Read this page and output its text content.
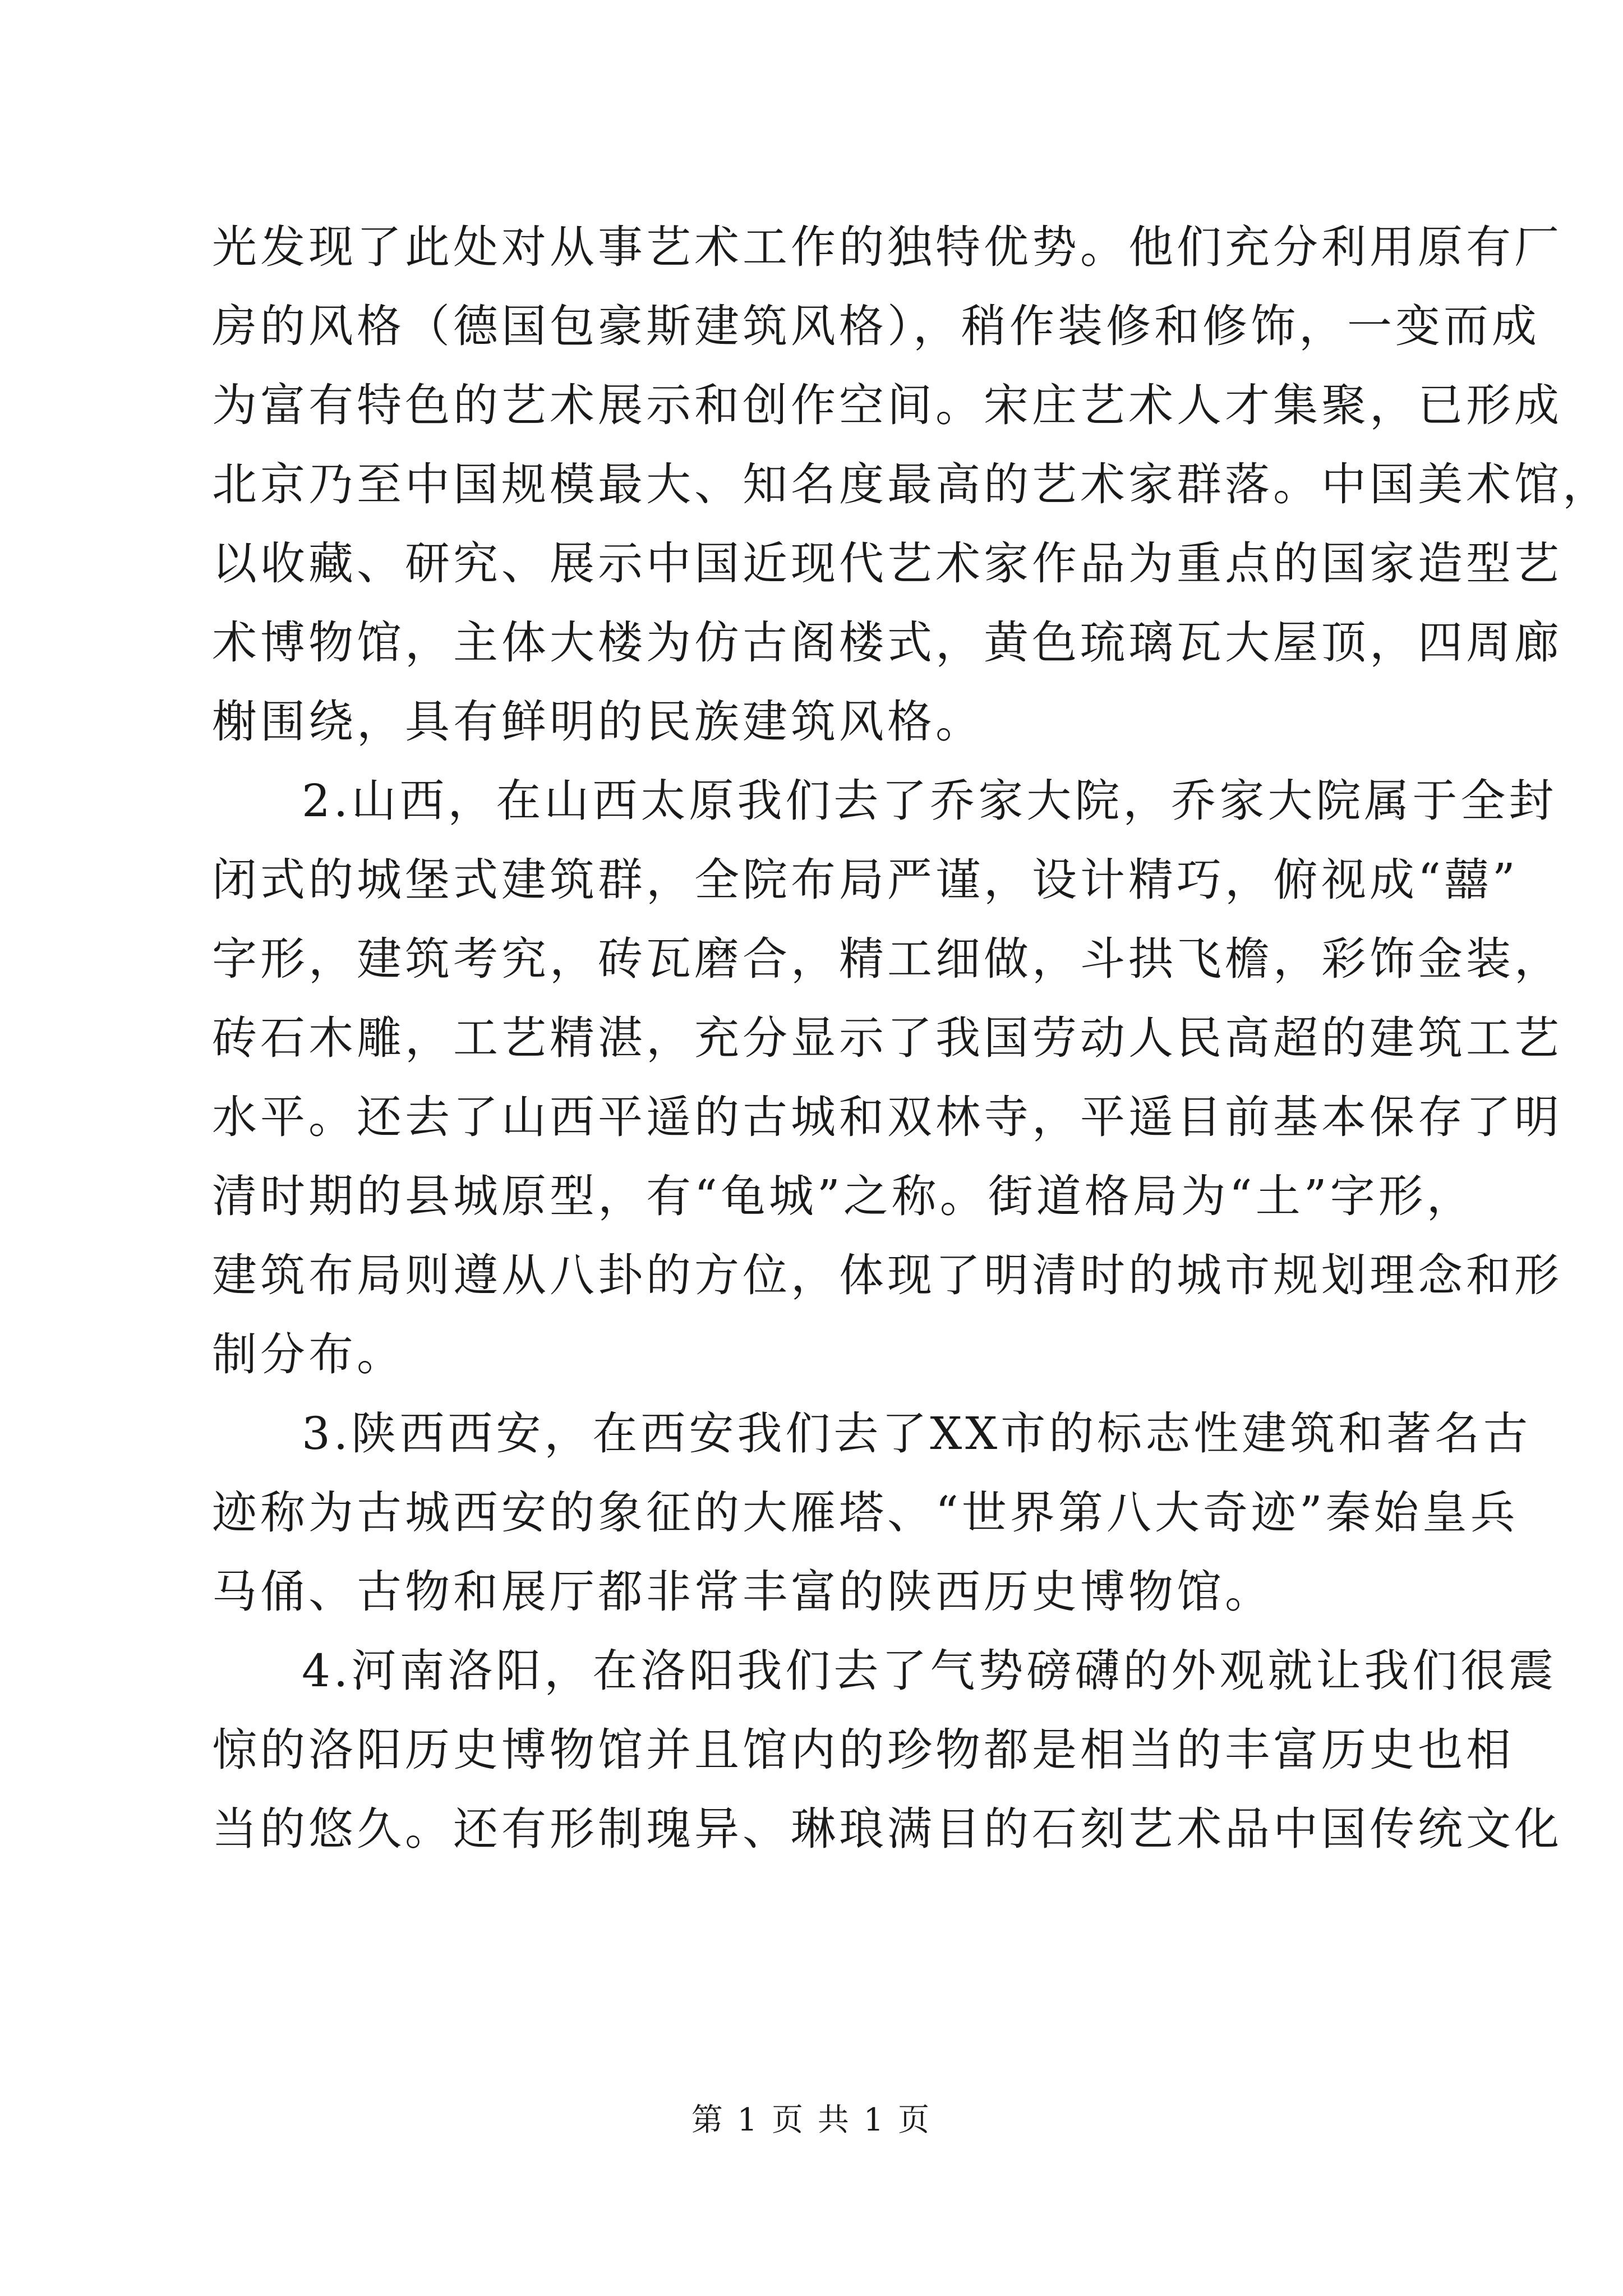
光发现了此处对从事艺术工作的独特优势。他们充分利用原有厂
房的风格（德国包豪斯建筑风格），稍作装修和修饰，一变而成
为富有特色的艺术展示和创作空间。宋庄艺术人才集聚，已形成
北京乃至中国规模最大、知名度最高的艺术家群落。中国美术馆，
以收藏、研究、展示中国近现代艺术家作品为重点的国家造型艺
术博物馆，主体大楼为仿古阁楼式，黄色琉璃瓦大屋顶，四周廊
榭围绕，具有鲜明的民族建筑风格。
2.山西，在山西太原我们去了乔家大院，乔家大院属于全封
闭式的城堡式建筑群，全院布局严谨，设计精巧，俯视成“囍”
字形，建筑考究，砖瓦磨合，精工细做，斗拱飞檐，彩饰金装，
砖石木雕，工艺精湛，充分显示了我国劳动人民高超的建筑工艺
水平。还去了山西平遥的古城和双林寺，平遥目前基本保存了明
清时期的县城原型，有“龟城”之称。街道格局为“土”字形，
建筑布局则遵从八卦的方位，体现了明清时的城市规划理念和形
制分布。
3.陕西西安，在西安我们去了XX市的标志性建筑和著名古
迹称为古城西安的象征的大雁塔、“世界第八大奇迹”秦始皇兵
马俑、古物和展厅都非常丰富的陕西历史博物馆。
4.河南洛阳，在洛阳我们去了气势磅礴的外观就让我们很震
惊的洛阳历史博物馆并且馆内的珍物都是相当的丰富历史也相
当的悠久。还有形制瑰异、琳琅满目的石刻艺术品中国传统文化
第 1 页 共 1 页
